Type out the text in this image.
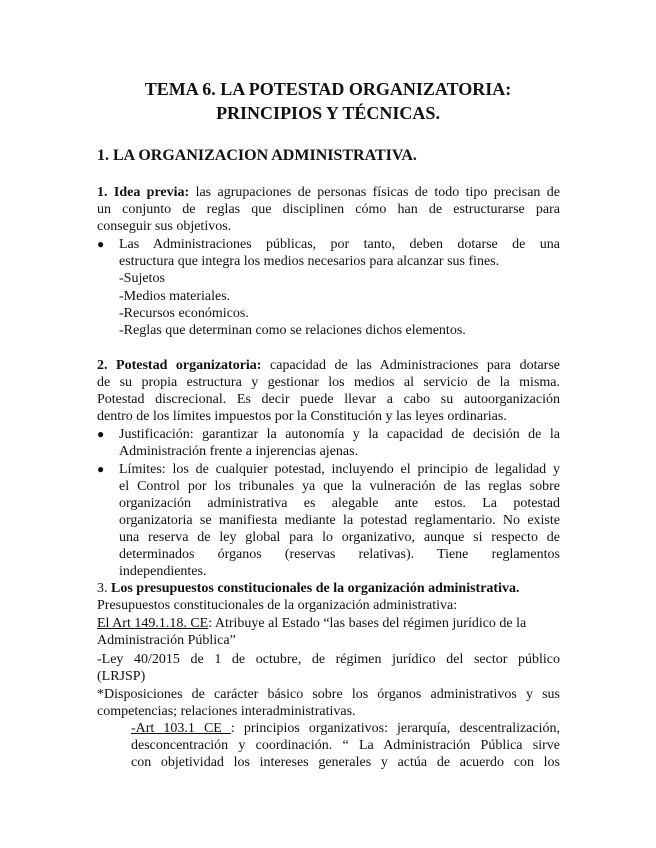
TEMA 6. LA POTESTAD ORGANIZATORIA:
PRINCIPIOS Y TÉCNICAS.
1. LA ORGANIZACION ADMINISTRATIVA.
1. Idea previa: las agrupaciones de personas físicas de todo tipo precisan de
un conjunto de reglas que disciplinen cómo han de estructurarse para
conseguir sus objetivos.
● Las Administraciones públicas, por tanto, deben dotarse de una
estructura que integra los medios necesarios para alcanzar sus fines.
-Sujetos
-Medios materiales.
-Recursos económicos.
-Reglas que determinan como se relaciones dichos elementos.
2. Potestad organizatoria: capacidad de las Administraciones para dotarse
de su propia estructura y gestionar los medios al servicio de la misma.
Potestad discrecional. Es decir puede llevar a cabo su autoorganización
dentro de los límites impuestos por la Constitución y las leyes ordinarias.
● Justificación: garantizar la autonomía y la capacidad de decisión de la
Administración frente a injerencias ajenas.
● Límites: los de cualquier potestad, incluyendo el principio de legalidad y
el Control por los tribunales ya que la vulneración de las reglas sobre
organización administrativa es alegable ante estos. La potestad
organizatoria se manifiesta mediante la potestad reglamentario. No existe
una reserva de ley global para lo organizativo, aunque si respecto de
determinados órganos (reservas relativas). Tiene reglamentos
independientes.
3. Los presupuestos constitucionales de la organización administrativa.
Presupuestos constitucionales de la organización administrativa:
El Art 149.1.18. CE: Atribuye al Estado “las bases del régimen jurídico de la
Administración Pública”
-Ley 40/2015 de 1 de octubre, de régimen jurídico del sector público
(LRJSP)
*Disposiciones de carácter básico sobre los órganos administrativos y sus
competencias; relaciones interadministrativas.
-Art 103.1 CE : principios organizativos: jerarquía, descentralización,
desconcentración y coordinación. “ La Administración Pública sirve
con objetividad los intereses generales y actúa de acuerdo con los
